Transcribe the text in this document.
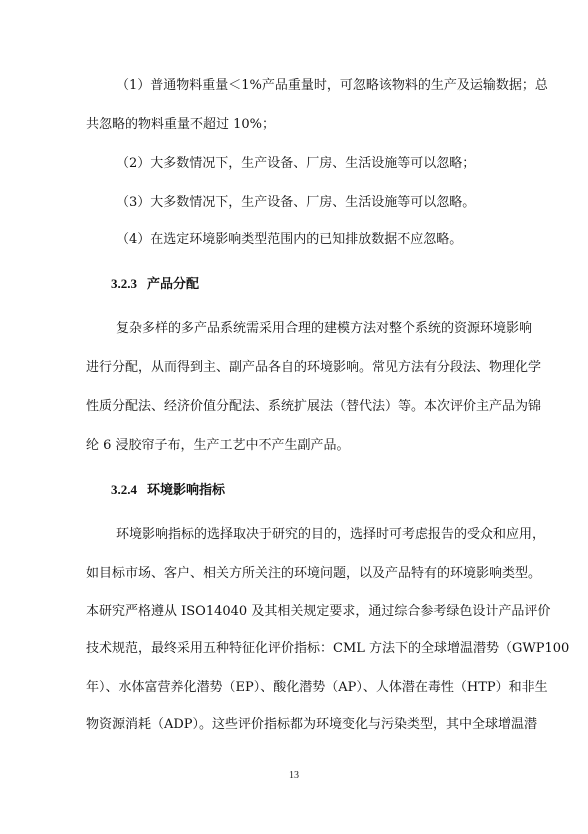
（1）普通物料重量＜1%产品重量时，可忽略该物料的生产及运输数据；总
共忽略的物料重量不超过 10%；
（2）大多数情况下，生产设备、厂房、生活设施等可以忽略；
（3）大多数情况下，生产设备、厂房、生活设施等可以忽略。
（4）在选定环境影响类型范围内的已知排放数据不应忽略。
3.2.3 产品分配
复杂多样的多产品系统需采用合理的建模方法对整个系统的资源环境影响
进行分配，从而得到主、副产品各自的环境影响。常见方法有分段法、物理化学
性质分配法、经济价值分配法、系统扩展法（替代法）等。本次评价主产品为锦
纶 6 浸胶帘子布，生产工艺中不产生副产品。
3.2.4 环境影响指标
环境影响指标的选择取决于研究的目的，选择时可考虑报告的受众和应用，
如目标市场、客户、相关方所关注的环境问题，以及产品特有的环境影响类型。
本研究严格遵从 ISO14040 及其相关规定要求，通过综合参考绿色设计产品评价
技术规范，最终采用五种特征化评价指标：CML 方法下的全球增温潜势（GWP100
年）、水体富营养化潜势（EP）、酸化潜势（AP）、人体潜在毒性（HTP）和非生
物资源消耗（ADP）。这些评价指标都为环境变化与污染类型，其中全球增温潜
13
